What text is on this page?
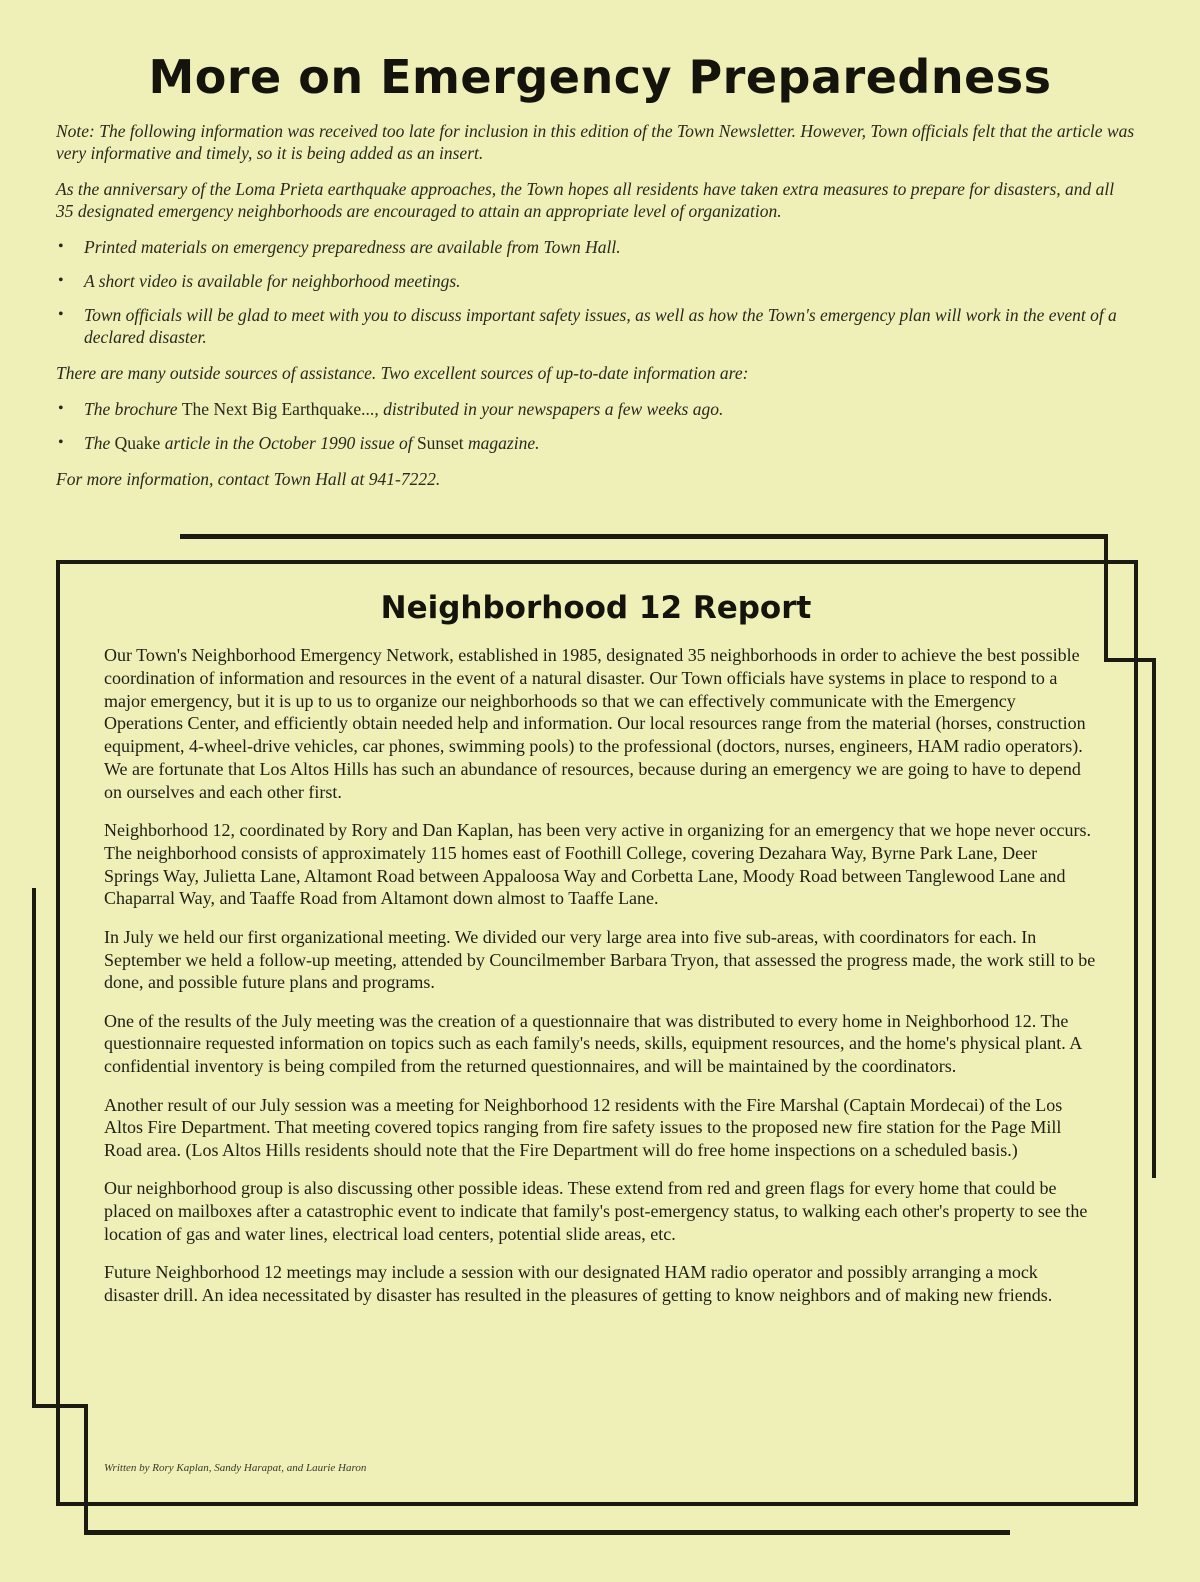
More on Emergency Preparedness

Note: The following information was received too late for inclusion in this edition of the Town Newsletter. However, Town officials felt that the article was very informative and timely, so it is being added as an insert.

As the anniversary of the Loma Prieta earthquake approaches, the Town hopes all residents have taken extra measures to prepare for disasters, and all 35 designated emergency neighborhoods are encouraged to attain an appropriate level of organization.

• Printed materials on emergency preparedness are available from Town Hall.
• A short video is available for neighborhood meetings.
• Town officials will be glad to meet with you to discuss important safety issues, as well as how the Town's emergency plan will work in the event of a declared disaster.

There are many outside sources of assistance. Two excellent sources of up-to-date information are:

• The brochure The Next Big Earthquake..., distributed in your newspapers a few weeks ago.
• The Quake article in the October 1990 issue of Sunset magazine.

For more information, contact Town Hall at 941-7222.

Neighborhood 12 Report

Our Town's Neighborhood Emergency Network, established in 1985, designated 35 neighborhoods in order to achieve the best possible coordination of information and resources in the event of a natural disaster. Our Town officials have systems in place to respond to a major emergency, but it is up to us to organize our neighborhoods so that we can effectively communicate with the Emergency Operations Center, and efficiently obtain needed help and information. Our local resources range from the material (horses, construction equipment, 4-wheel-drive vehicles, car phones, swimming pools) to the professional (doctors, nurses, engineers, HAM radio operators). We are fortunate that Los Altos Hills has such an abundance of resources, because during an emergency we are going to have to depend on ourselves and each other first.

Neighborhood 12, coordinated by Rory and Dan Kaplan, has been very active in organizing for an emergency that we hope never occurs. The neighborhood consists of approximately 115 homes east of Foothill College, covering Dezahara Way, Byrne Park Lane, Deer Springs Way, Julietta Lane, Altamont Road between Appaloosa Way and Corbetta Lane, Moody Road between Tanglewood Lane and Chaparral Way, and Taaffe Road from Altamont down almost to Taaffe Lane.

In July we held our first organizational meeting. We divided our very large area into five sub-areas, with coordinators for each. In September we held a follow-up meeting, attended by Councilmember Barbara Tryon, that assessed the progress made, the work still to be done, and possible future plans and programs.

One of the results of the July meeting was the creation of a questionnaire that was distributed to every home in Neighborhood 12. The questionnaire requested information on topics such as each family's needs, skills, equipment resources, and the home's physical plant. A confidential inventory is being compiled from the returned questionnaires, and will be maintained by the coordinators.

Another result of our July session was a meeting for Neighborhood 12 residents with the Fire Marshal (Captain Mordecai) of the Los Altos Fire Department. That meeting covered topics ranging from fire safety issues to the proposed new fire station for the Page Mill Road area. (Los Altos Hills residents should note that the Fire Department will do free home inspections on a scheduled basis.)

Our neighborhood group is also discussing other possible ideas. These extend from red and green flags for every home that could be placed on mailboxes after a catastrophic event to indicate that family's post-emergency status, to walking each other's property to see the location of gas and water lines, electrical load centers, potential slide areas, etc.

Future Neighborhood 12 meetings may include a session with our designated HAM radio operator and possibly arranging a mock disaster drill. An idea necessitated by disaster has resulted in the pleasures of getting to know neighbors and of making new friends.

Written by Rory Kaplan, Sandy Harapat, and Laurie Haron
